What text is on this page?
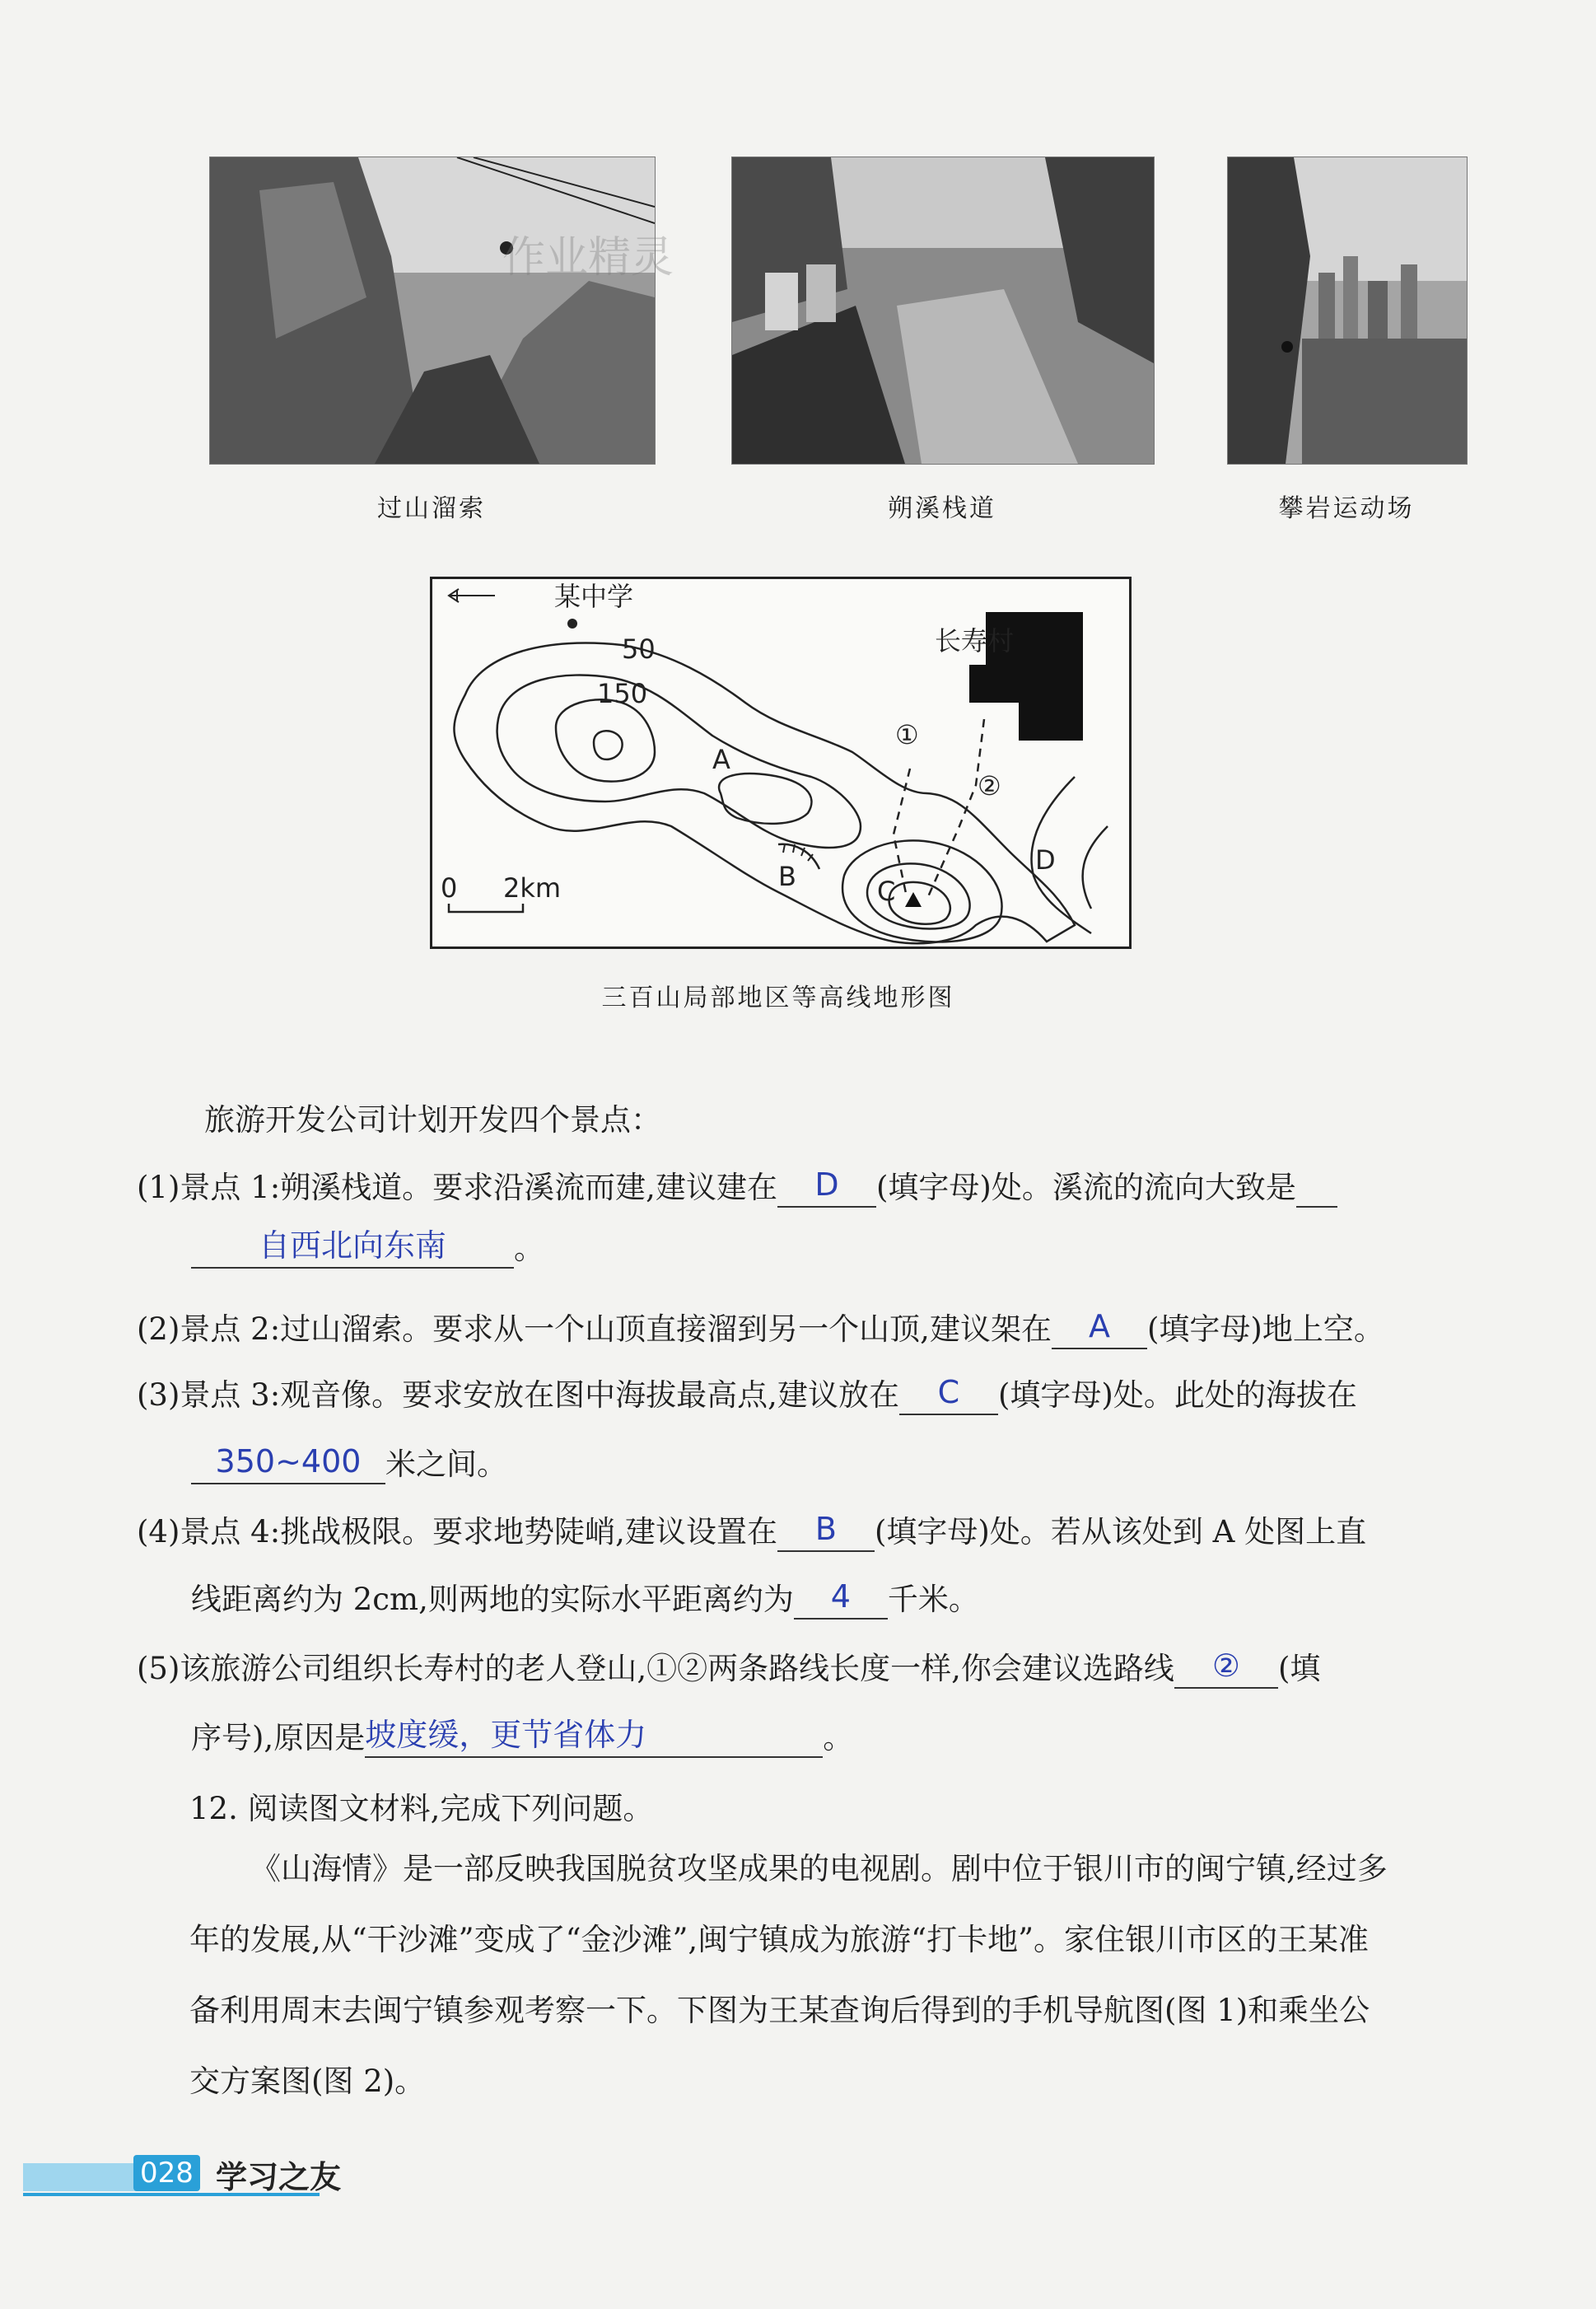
作业精灵
过山溜索	朔溪栈道	攀岩运动场
某中学
长寿村
50
150
A
B	C
D
①
②
0 2km
三百山局部地区等高线地形图
旅游开发公司计划开发四个景点：
(1)景点 1:朔溪栈道。要求沿溪流而建,建议建在	D	(填字母)处。溪流的流向大致是
自西北向东南	。
(2)景点 2:过山溜索。要求从一个山顶直接溜到另一个山顶,建议架在	A	(填字母)地上空。
(3)景点 3:观音像。要求安放在图中海拔最高点,建议放在	C	(填字母)处。此处的海拔在
350~400 米之间。
(4)景点 4:挑战极限。要求地势陡峭,建议设置在	B	(填字母)处。若从该处到 A 处图上直
线距离约为 2cm,则两地的实际水平距离约为	4	千米。
(5)该旅游公司组织长寿村的老人登山,①②两条路线长度一样,你会建议选路线	②	(填
序号),原因是 坡度缓，更节省体力	。
12. 阅读图文材料,完成下列问题。
《山海情》是一部反映我国脱贫攻坚成果的电视剧。剧中位于银川市的闽宁镇,经过多
年的发展,从“干沙滩”变成了“金沙滩”,闽宁镇成为旅游“打卡地”。家住银川市区的王某准
备利用周末去闽宁镇参观考察一下。下图为王某查询后得到的手机导航图(图 1)和乘坐公
交方案图(图 2)。
028 学习之友
